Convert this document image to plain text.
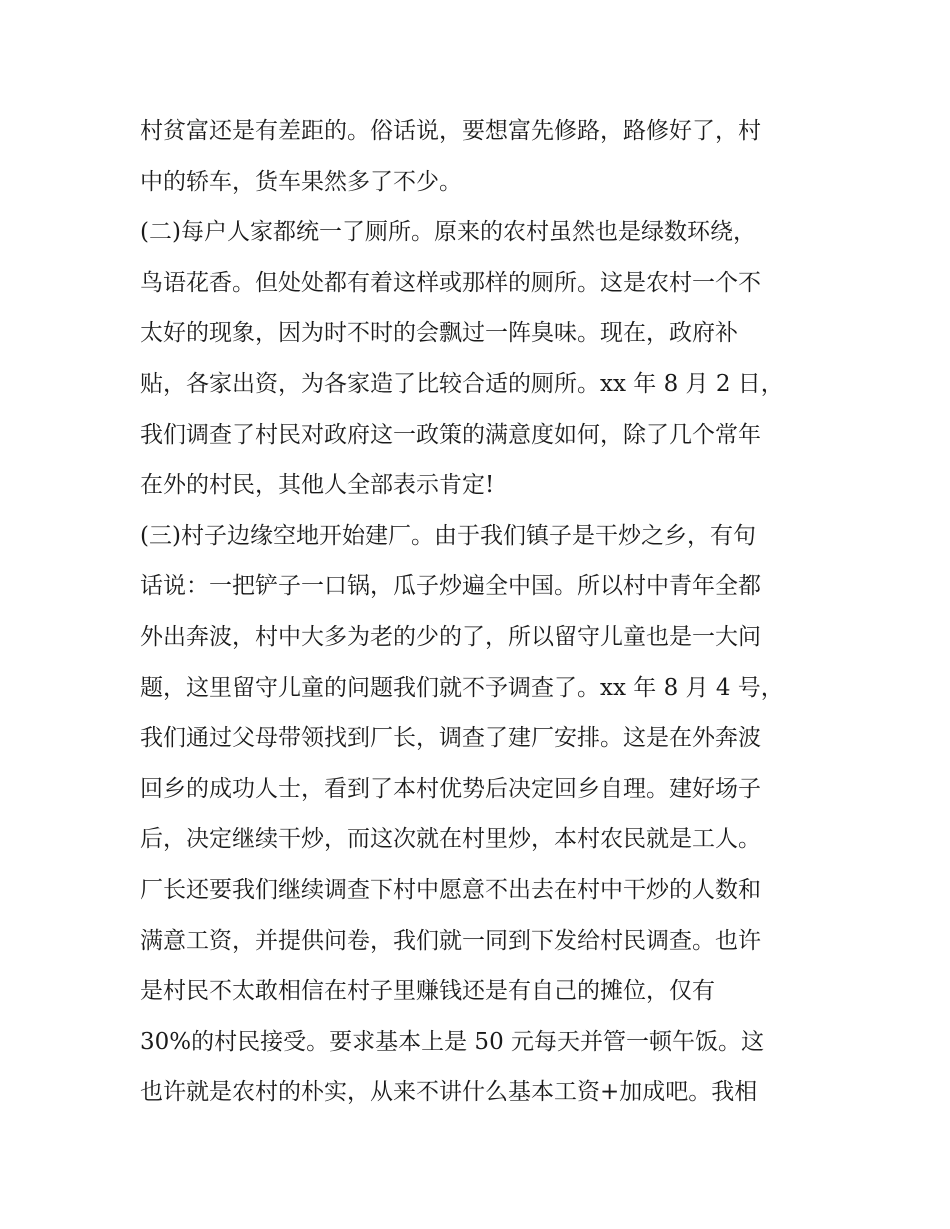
村贫富还是有差距的。俗话说，要想富先修路，路修好了，村
中的轿车，货车果然多了不少。
(二)每户人家都统一了厕所。原来的农村虽然也是绿数环绕，
鸟语花香。但处处都有着这样或那样的厕所。这是农村一个不
太好的现象，因为时不时的会飘过一阵臭味。现在，政府补
贴，各家出资，为各家造了比较合适的厕所。xx 年 8 月 2 日，
我们调查了村民对政府这一政策的满意度如何，除了几个常年
在外的村民，其他人全部表示肯定!
(三)村子边缘空地开始建厂。由于我们镇子是干炒之乡，有句
话说：一把铲子一口锅，瓜子炒遍全中国。所以村中青年全都
外出奔波，村中大多为老的少的了，所以留守儿童也是一大问
题，这里留守儿童的问题我们就不予调查了。xx 年 8 月 4 号，
我们通过父母带领找到厂长，调查了建厂安排。这是在外奔波
回乡的成功人士，看到了本村优势后决定回乡自理。建好场子
后，决定继续干炒，而这次就在村里炒，本村农民就是工人。
厂长还要我们继续调查下村中愿意不出去在村中干炒的人数和
满意工资，并提供问卷，我们就一同到下发给村民调查。也许
是村民不太敢相信在村子里赚钱还是有自己的摊位，仅有
30%的村民接受。要求基本上是 50 元每天并管一顿午饭。这
也许就是农村的朴实，从来不讲什么基本工资+加成吧。我相
